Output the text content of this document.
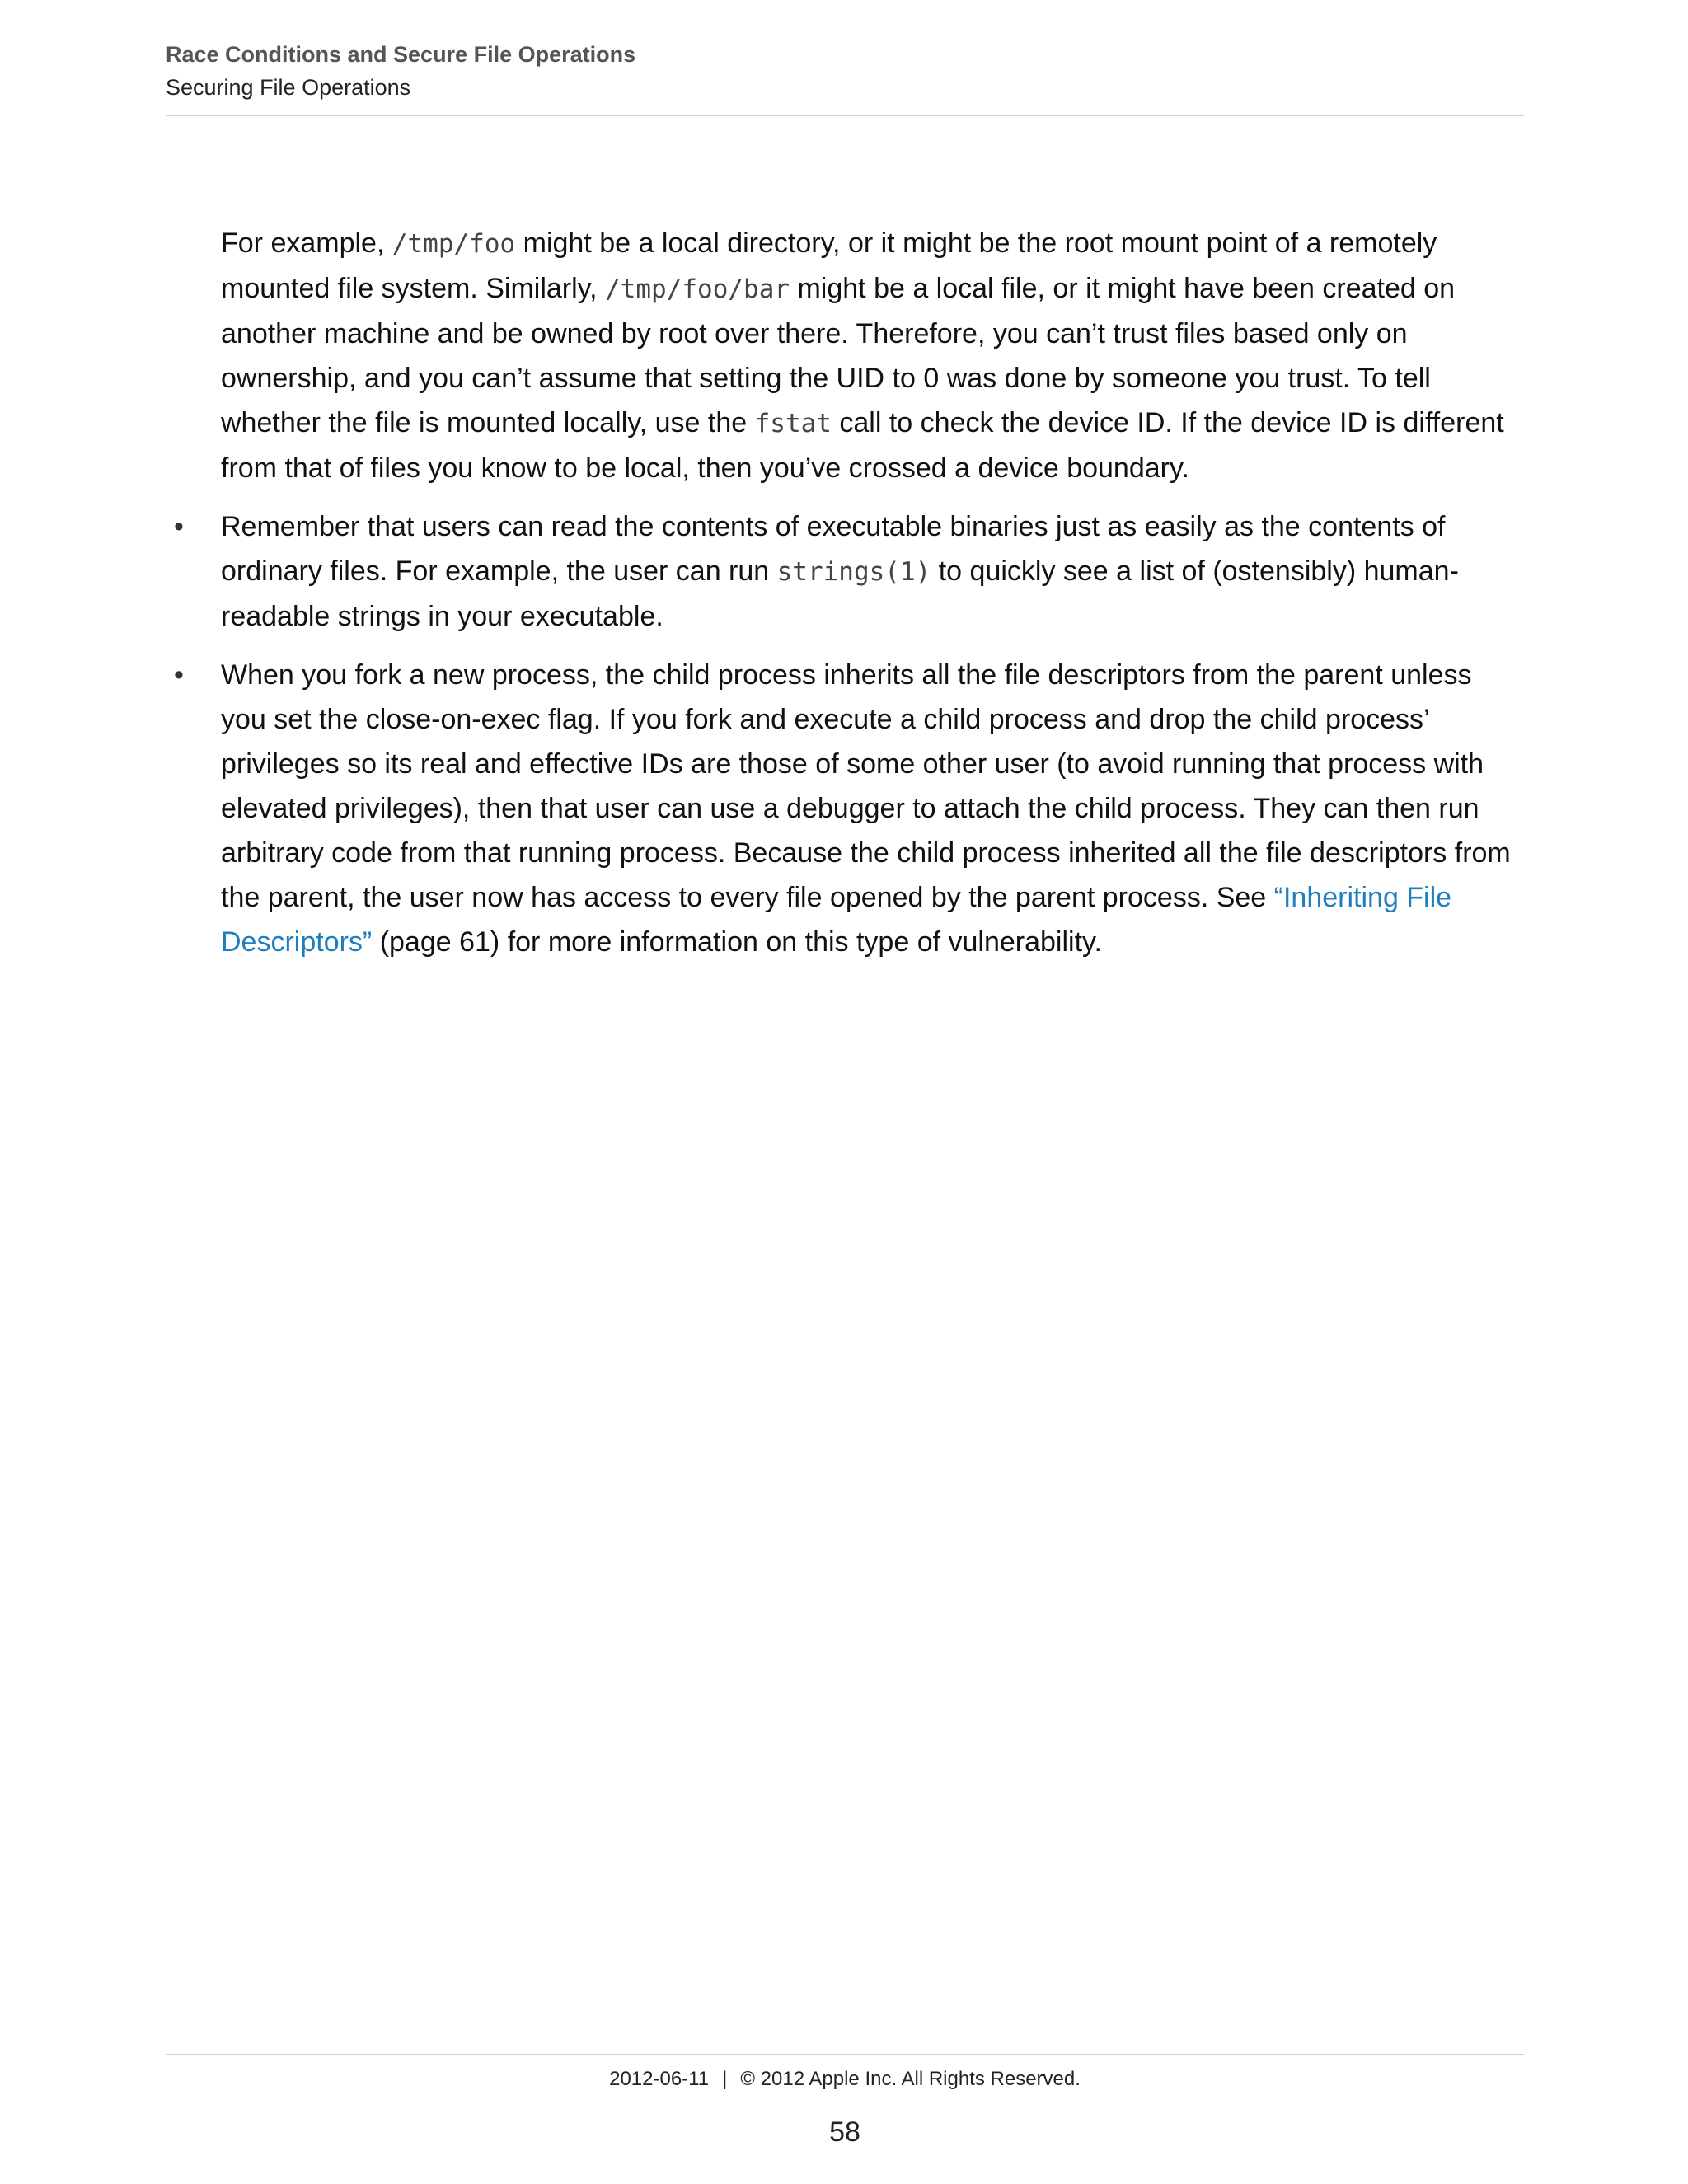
Race Conditions and Secure File Operations
Securing File Operations

For example, /tmp/foo might be a local directory, or it might be the root mount point of a remotely mounted file system. Similarly, /tmp/foo/bar might be a local file, or it might have been created on another machine and be owned by root over there. Therefore, you can’t trust files based only on ownership, and you can’t assume that setting the UID to 0 was done by someone you trust. To tell whether the file is mounted locally, use the fstat call to check the device ID. If the device ID is different from that of files you know to be local, then you’ve crossed a device boundary.

• Remember that users can read the contents of executable binaries just as easily as the contents of ordinary files. For example, the user can run strings(1) to quickly see a list of (ostensibly) human-readable strings in your executable.
• When you fork a new process, the child process inherits all the file descriptors from the parent unless you set the close-on-exec flag. If you fork and execute a child process and drop the child process’ privileges so its real and effective IDs are those of some other user (to avoid running that process with elevated privileges), then that user can use a debugger to attach the child process. They can then run arbitrary code from that running process. Because the child process inherited all the file descriptors from the parent, the user now has access to every file opened by the parent process. See “Inheriting File Descriptors” (page 61) for more information on this type of vulnerability.
2012-06-11 | © 2012 Apple Inc. All Rights Reserved.
58
